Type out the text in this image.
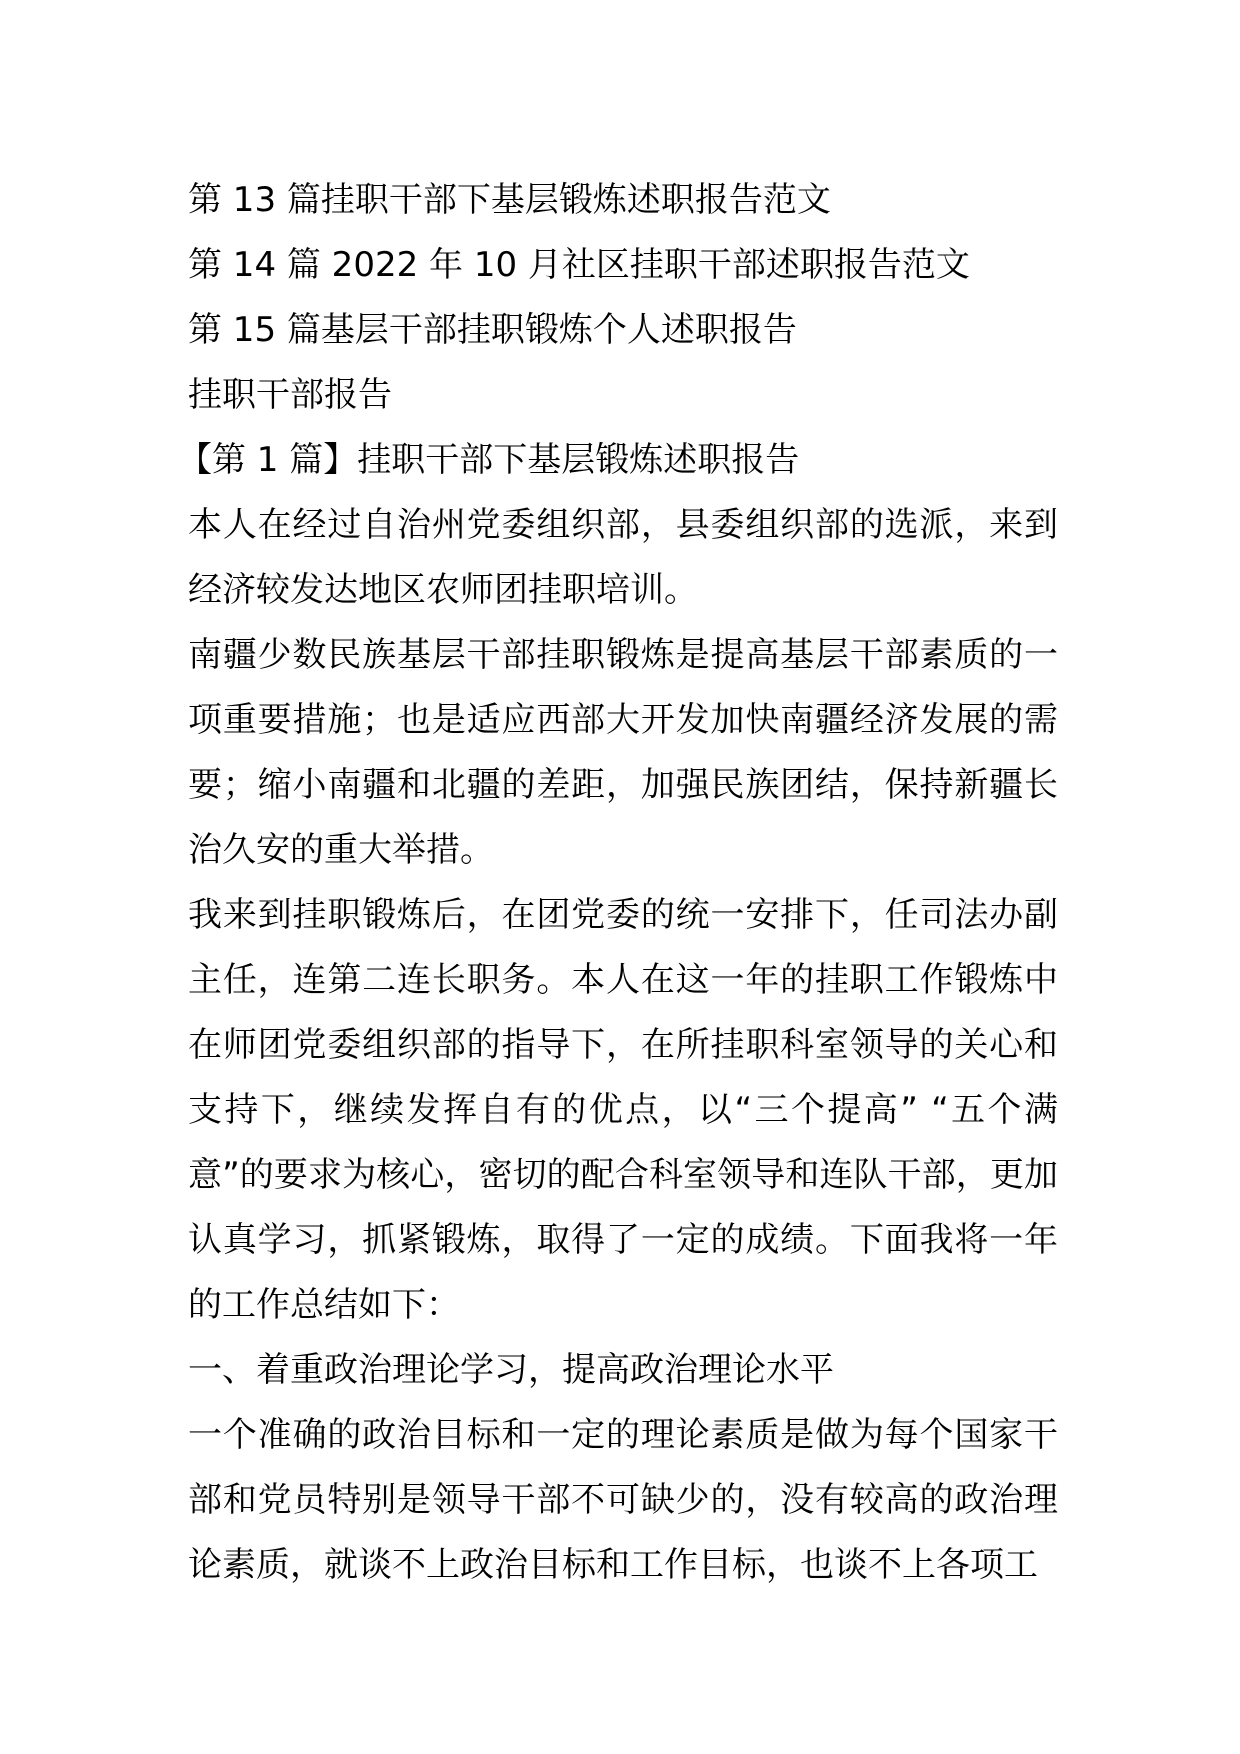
第 13 篇挂职干部下基层锻炼述职报告范文
第 14 篇 2022 年 10 月社区挂职干部述职报告范文
第 15 篇基层干部挂职锻炼个人述职报告
挂职干部报告
【第 1 篇】挂职干部下基层锻炼述职报告
本人在经过自治州党委组织部，县委组织部的选派，来到经济较发达地区农师团挂职培训。
南疆少数民族基层干部挂职锻炼是提高基层干部素质的一项重要措施；也是适应西部大开发加快南疆经济发展的需要；缩小南疆和北疆的差距，加强民族团结，保持新疆长治久安的重大举措。
我来到挂职锻炼后，在团党委的统一安排下，任司法办副主任，连第二连长职务。本人在这一年的挂职工作锻炼中在师团党委组织部的指导下，在所挂职科室领导的关心和支持下，继续发挥自有的优点，以“三个提高” “五个满意”的要求为核心，密切的配合科室领导和连队干部，更加认真学习，抓紧锻炼，取得了一定的成绩。下面我将一年的工作总结如下：
一、着重政治理论学习，提高政治理论水平
一个准确的政治目标和一定的理论素质是做为每个国家干部和党员特别是领导干部不可缺少的，没有较高的政治理论素质，就谈不上政治目标和工作目标，也谈不上各项工
